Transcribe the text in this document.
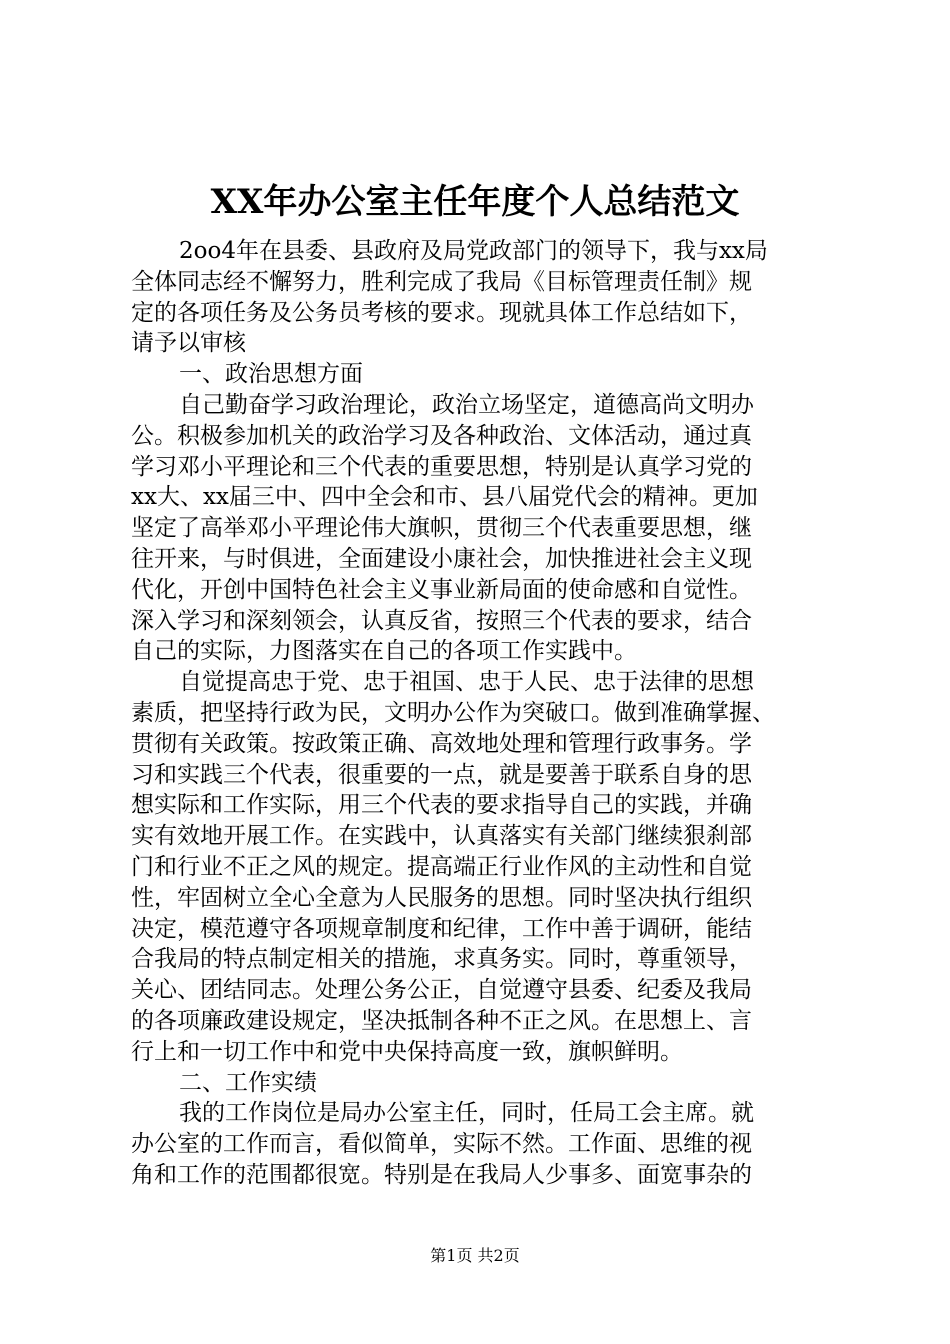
XX年办公室主任年度个人总结范文
2oo4年在县委、县政府及局党政部门的领导下，我与xx局
全体同志经不懈努力，胜利完成了我局《目标管理责任制》规
定的各项任务及公务员考核的要求。现就具体工作总结如下，
请予以审核
一、政治思想方面
自己勤奋学习政治理论，政治立场坚定，道德高尚文明办
公。积极参加机关的政治学习及各种政治、文体活动，通过真
学习邓小平理论和三个代表的重要思想，特别是认真学习党的
xx大、xx届三中、四中全会和市、县八届党代会的精神。更加
坚定了高举邓小平理论伟大旗帜，贯彻三个代表重要思想，继
往开来，与时俱进，全面建设小康社会，加快推进社会主义现
代化，开创中国特色社会主义事业新局面的使命感和自觉性。
深入学习和深刻领会，认真反省，按照三个代表的要求，结合
自己的实际，力图落实在自己的各项工作实践中。
自觉提高忠于党、忠于祖国、忠于人民、忠于法律的思想
素质，把坚持行政为民，文明办公作为突破口。做到准确掌握、
贯彻有关政策。按政策正确、高效地处理和管理行政事务。学
习和实践三个代表，很重要的一点，就是要善于联系自身的思
想实际和工作实际，用三个代表的要求指导自己的实践，并确
实有效地开展工作。在实践中，认真落实有关部门继续狠刹部
门和行业不正之风的规定。提高端正行业作风的主动性和自觉
性，牢固树立全心全意为人民服务的思想。同时坚决执行组织
决定，模范遵守各项规章制度和纪律，工作中善于调研，能结
合我局的特点制定相关的措施，求真务实。同时，尊重领导，
关心、团结同志。处理公务公正，自觉遵守县委、纪委及我局
的各项廉政建设规定，坚决抵制各种不正之风。在思想上、言
行上和一切工作中和党中央保持高度一致，旗帜鲜明。
二、工作实绩
我的工作岗位是局办公室主任，同时，任局工会主席。就
办公室的工作而言，看似简单，实际不然。工作面、思维的视
角和工作的范围都很宽。特别是在我局人少事多、面宽事杂的
第1页 共2页
